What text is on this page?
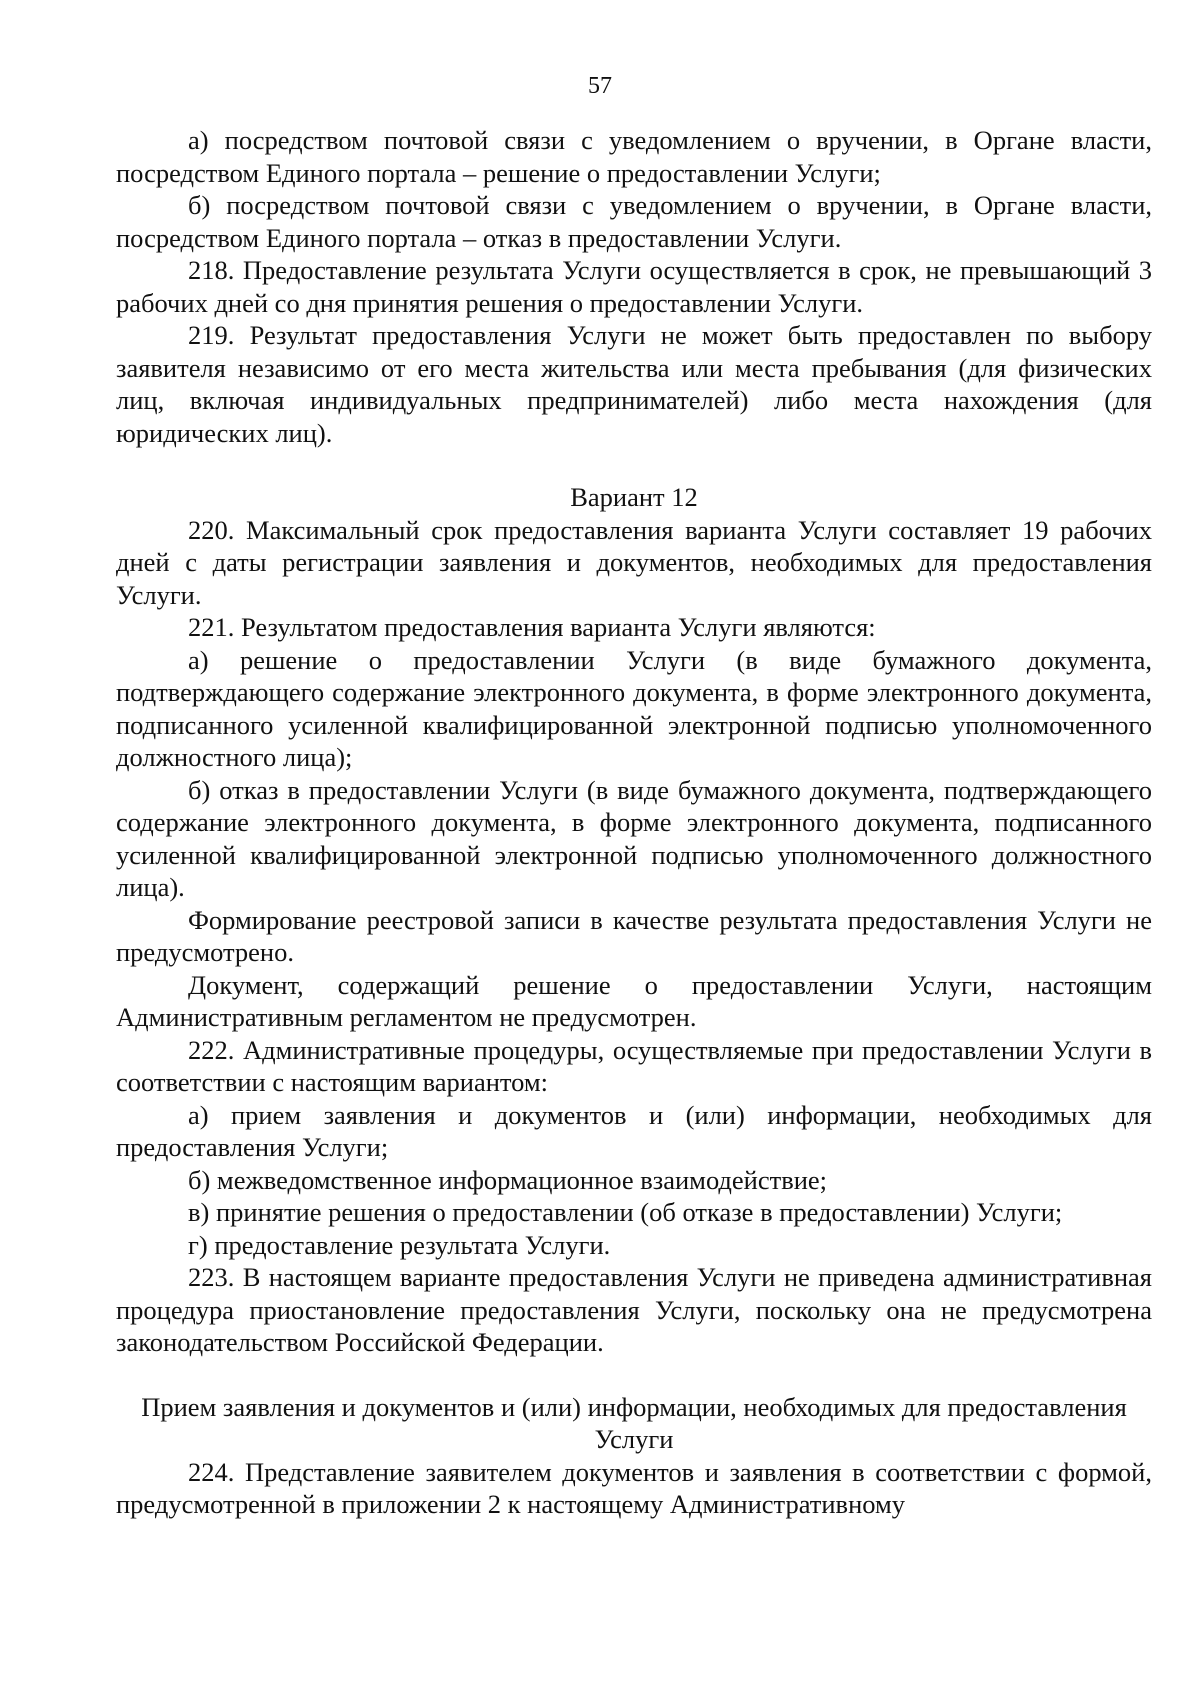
57

а) посредством почтовой связи с уведомлением о вручении, в Органе власти, посредством Единого портала – решение о предоставлении Услуги;

б) посредством почтовой связи с уведомлением о вручении, в Органе власти, посредством Единого портала – отказ в предоставлении Услуги.

218. Предоставление результата Услуги осуществляется в срок, не превышающий 3 рабочих дней со дня принятия решения о предоставлении Услуги.

219. Результат предоставления Услуги не может быть предоставлен по выбору заявителя независимо от его места жительства или места пребывания (для физических лиц, включая индивидуальных предпринимателей) либо места нахождения (для юридических лиц).

Вариант 12

220. Максимальный срок предоставления варианта Услуги составляет 19 рабочих дней с даты регистрации заявления и документов, необходимых для предоставления Услуги.

221. Результатом предоставления варианта Услуги являются:

а) решение о предоставлении Услуги (в виде бумажного документа, подтверждающего содержание электронного документа, в форме электронного документа, подписанного усиленной квалифицированной электронной подписью уполномоченного должностного лица);

б) отказ в предоставлении Услуги (в виде бумажного документа, подтверждающего содержание электронного документа, в форме электронного документа, подписанного усиленной квалифицированной электронной подписью уполномоченного должностного лица).

Формирование реестровой записи в качестве результата предоставления Услуги не предусмотрено.

Документ, содержащий решение о предоставлении Услуги, настоящим Административным регламентом не предусмотрен.

222. Административные процедуры, осуществляемые при предоставлении Услуги в соответствии с настоящим вариантом:

а) прием заявления и документов и (или) информации, необходимых для предоставления Услуги;

б) межведомственное информационное взаимодействие;

в) принятие решения о предоставлении (об отказе в предоставлении) Услуги;

г) предоставление результата Услуги.

223. В настоящем варианте предоставления Услуги не приведена административная процедура приостановление предоставления Услуги, поскольку она не предусмотрена законодательством Российской Федерации.

Прием заявления и документов и (или) информации, необходимых для предоставления Услуги

224. Представление заявителем документов и заявления в соответствии с формой, предусмотренной в приложении 2 к настоящему Административному
